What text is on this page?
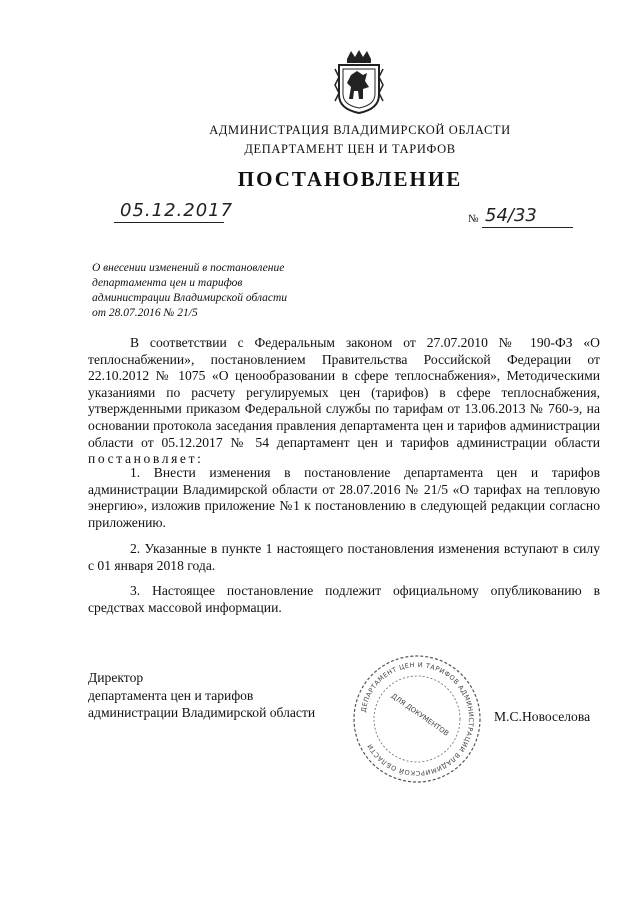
АДМИНИСТРАЦИЯ ВЛАДИМИРСКОЙ ОБЛАСТИ
ДЕПАРТАМЕНТ ЦЕН И ТАРИФОВ
ПОСТАНОВЛЕНИЕ
05.12.2017	№ 54/33
О внесении изменений в постановление
департамента цен и тарифов
администрации Владимирской области
от 28.07.2016 № 21/5
В соответствии с Федеральным законом от 27.07.2010 № 190-ФЗ «О теплоснабжении», постановлением Правительства Российской Федерации от 22.10.2012 № 1075 «О ценообразовании в сфере теплоснабжения», Методическими указаниями по расчету регулируемых цен (тарифов) в сфере теплоснабжения, утвержденными приказом Федеральной службы по тарифам от 13.06.2013 № 760-э, на основании протокола заседания правления департамента цен и тарифов администрации области от 05.12.2017 № 54 департамент цен и тарифов администрации области постановляет:
1. Внести изменения в постановление департамента цен и тарифов администрации Владимирской области от 28.07.2016 № 21/5 «О тарифах на тепловую энергию», изложив приложение №1 к постановлению в следующей редакции согласно приложению.
2. Указанные в пункте 1 настоящего постановления изменения вступают в силу с 01 января 2018 года.
3. Настоящее постановление подлежит официальному опубликованию в средствах массовой информации.
Директор
департамента цен и тарифов
администрации Владимирской области	М.С.Новоселова
ДЕПАРТАМЕНТ ЦЕН И ТАРИФОВ АДМИНИСТРАЦИИ ВЛАДИМИРСКОЙ ОБЛАСТИ
ДЛЯ ДОКУМЕНТОВ
